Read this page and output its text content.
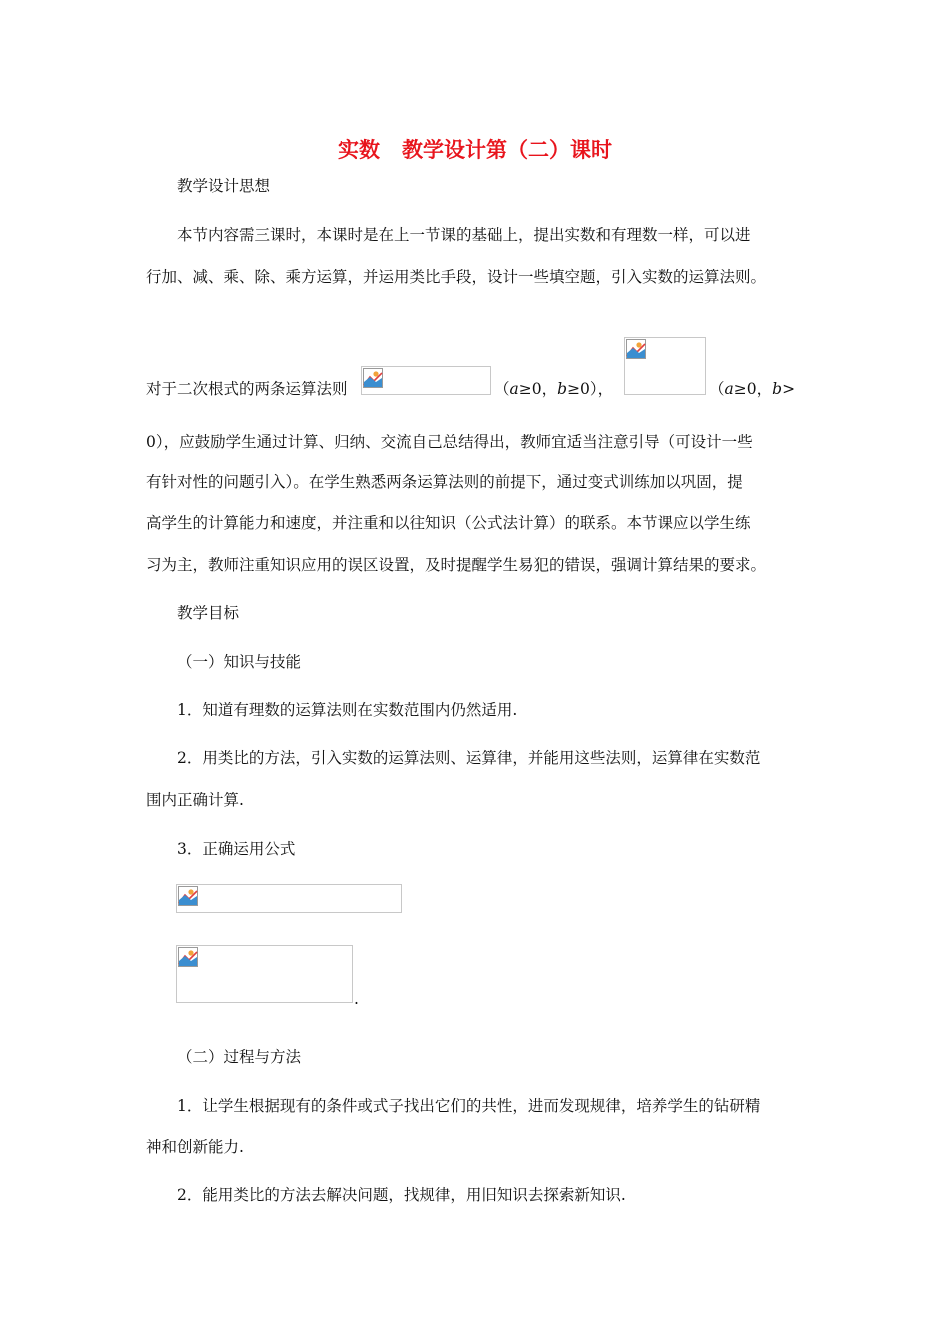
实数 教学设计第（二）课时
教学设计思想
本节内容需三课时，本课时是在上一节课的基础上，提出实数和有理数一样，可以进
行加、减、乘、除、乘方运算，并运用类比手段，设计一些填空题，引入实数的运算法则。
对于二次根式的两条运算法则	（a≥0，b≥0），	（a≥0，b>
0），应鼓励学生通过计算、归纳、交流自己总结得出，教师宜适当注意引导（可设计一些
有针对性的问题引入）。在学生熟悉两条运算法则的前提下，通过变式训练加以巩固，提
高学生的计算能力和速度，并注重和以往知识（公式法计算）的联系。本节课应以学生练
习为主，教师注重知识应用的误区设置，及时提醒学生易犯的错误，强调计算结果的要求。
教学目标
（一）知识与技能
1．知道有理数的运算法则在实数范围内仍然适用.
2．用类比的方法，引入实数的运算法则、运算律，并能用这些法则，运算律在实数范
围内正确计算.
3．正确运用公式
.
（二）过程与方法
1．让学生根据现有的条件或式子找出它们的共性，进而发现规律，培养学生的钻研精
神和创新能力.
2．能用类比的方法去解决问题，找规律，用旧知识去探索新知识.
